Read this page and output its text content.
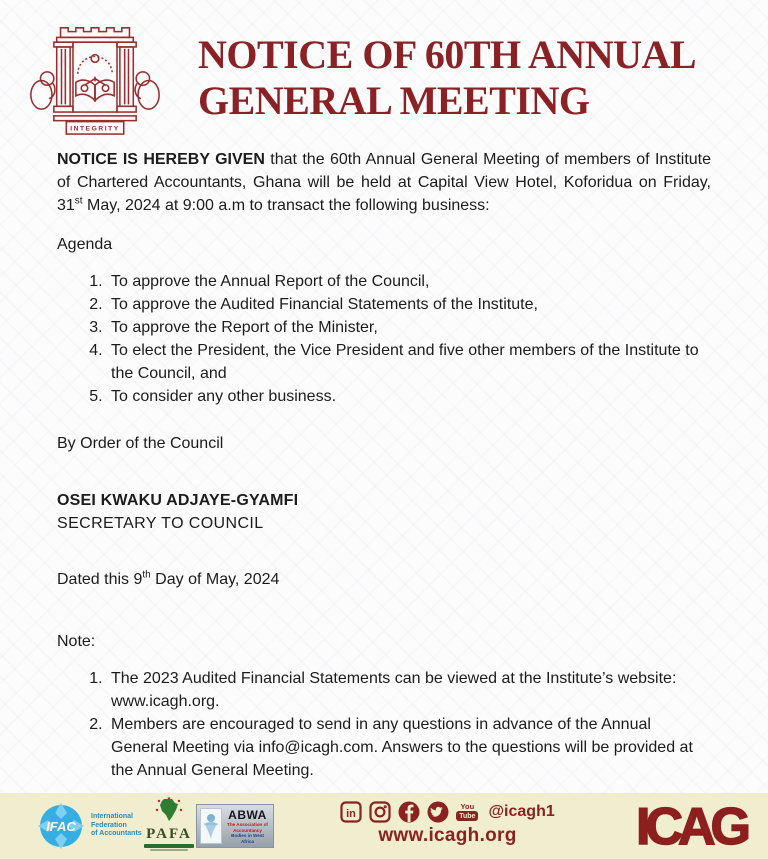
INTEGRITY
NOTICE OF 60TH ANNUAL
GENERAL MEETING

NOTICE IS HEREBY GIVEN that the 60th Annual General Meeting of members of Institute of Chartered Accountants, Ghana will be held at Capital View Hotel, Koforidua on Friday, 31st May, 2024 at 9:00 a.m to transact the following business:

Agenda

1. To approve the Annual Report of the Council,
2. To approve the Audited Financial Statements of the Institute,
3. To approve the Report of the Minister,
4. To elect the President, the Vice President and five other members of the Institute to the Council, and
5. To consider any other business.

By Order of the Council

OSEI KWAKU ADJAYE-GYAMFI

SECRETARY TO COUNCIL

Dated this 9th Day of May, 2024

Note:

1. The 2023 Audited Financial Statements can be viewed at the Institute’s website: www.icagh.org.
2. Members are encouraged to send in any questions in advance of the Annual General Meeting via info@icagh.com. Answers to the questions will be provided at the Annual General Meeting.
IFAC
International
Federation
of Accountants PAFA
ABWA
The Association of Accountancy
Bodies in West Africa
in
You
Tube @icagh1
www.icagh.org	ICAG
